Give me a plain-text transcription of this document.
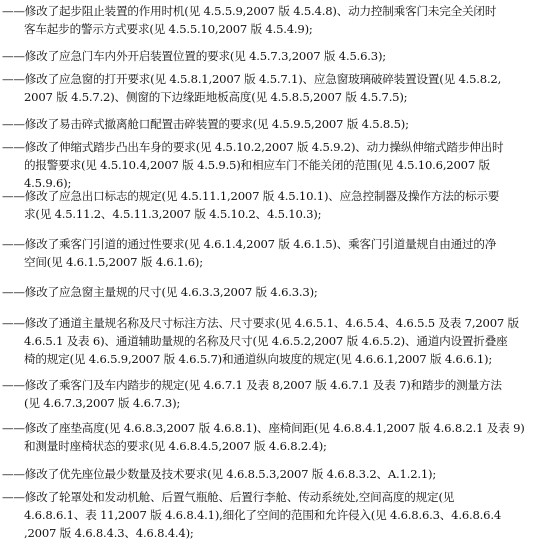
——修改了起步阻止装置的作用时机(见 4.5.5.9,2007 版 4.5.4.8)、动力控制乘客门未完全关闭时
客车起步的警示方式要求(见 4.5.5.10,2007 版 4.5.4.9);
——修改了应急门车内外开启装置位置的要求(见 4.5.7.3,2007 版 4.5.6.3);
——修改了应急窗的打开要求(见 4.5.8.1,2007 版 4.5.7.1)、应急窗玻璃破碎装置设置(见 4.5.8.2,
2007 版 4.5.7.2)、侧窗的下边缘距地板高度(见 4.5.8.5,2007 版 4.5.7.5);
——修改了易击碎式撤离舱口配置击碎装置的要求(见 4.5.9.5,2007 版 4.5.8.5);
——修改了伸缩式踏步凸出车身的要求(见 4.5.10.2,2007 版 4.5.9.2)、动力操纵伸缩式踏步伸出时
的报警要求(见 4.5.10.4,2007 版 4.5.9.5)和相应车门不能关闭的范围(见 4.5.10.6,2007 版
4.5.9.6);
——修改了应急出口标志的规定(见 4.5.11.1,2007 版 4.5.10.1)、应急控制器及操作方法的标示要
求(见 4.5.11.2、4.5.11.3,2007 版 4.5.10.2、4.5.10.3);
——修改了乘客门引道的通过性要求(见 4.6.1.4,2007 版 4.6.1.5)、乘客门引道量规自由通过的净
空间(见 4.6.1.5,2007 版 4.6.1.6);
——修改了应急窗主量规的尺寸(见 4.6.3.3,2007 版 4.6.3.3);
——修改了通道主量规名称及尺寸标注方法、尺寸要求(见 4.6.5.1、4.6.5.4、4.6.5.5 及表 7,2007 版
4.6.5.1 及表 6)、通道辅助量规的名称及尺寸(见 4.6.5.2,2007 版 4.6.5.2)、通道内设置折叠座
椅的规定(见 4.6.5.9,2007 版 4.6.5.7)和通道纵向坡度的规定(见 4.6.6.1,2007 版 4.6.6.1);
——修改了乘客门及车内踏步的规定(见 4.6.7.1 及表 8,2007 版 4.6.7.1 及表 7)和踏步的测量方法
(见 4.6.7.3,2007 版 4.6.7.3);
——修改了座垫高度(见 4.6.8.3,2007 版 4.6.8.1)、座椅间距(见 4.6.8.4.1,2007 版 4.6.8.2.1 及表 9)
和测量时座椅状态的要求(见 4.6.8.4.5,2007 版 4.6.8.2.4);
——修改了优先座位最少数量及技术要求(见 4.6.8.5.3,2007 版 4.6.8.3.2、A.1.2.1);
——修改了轮罩处和发动机舱、后置气瓶舱、后置行李舱、传动系统处,空间高度的规定(见
4.6.8.6.1、表 11,2007 版 4.6.8.4.1),细化了空间的范围和允许侵入(见 4.6.8.6.3、4.6.8.6.4
,2007 版 4.6.8.4.3、4.6.8.4.4);
